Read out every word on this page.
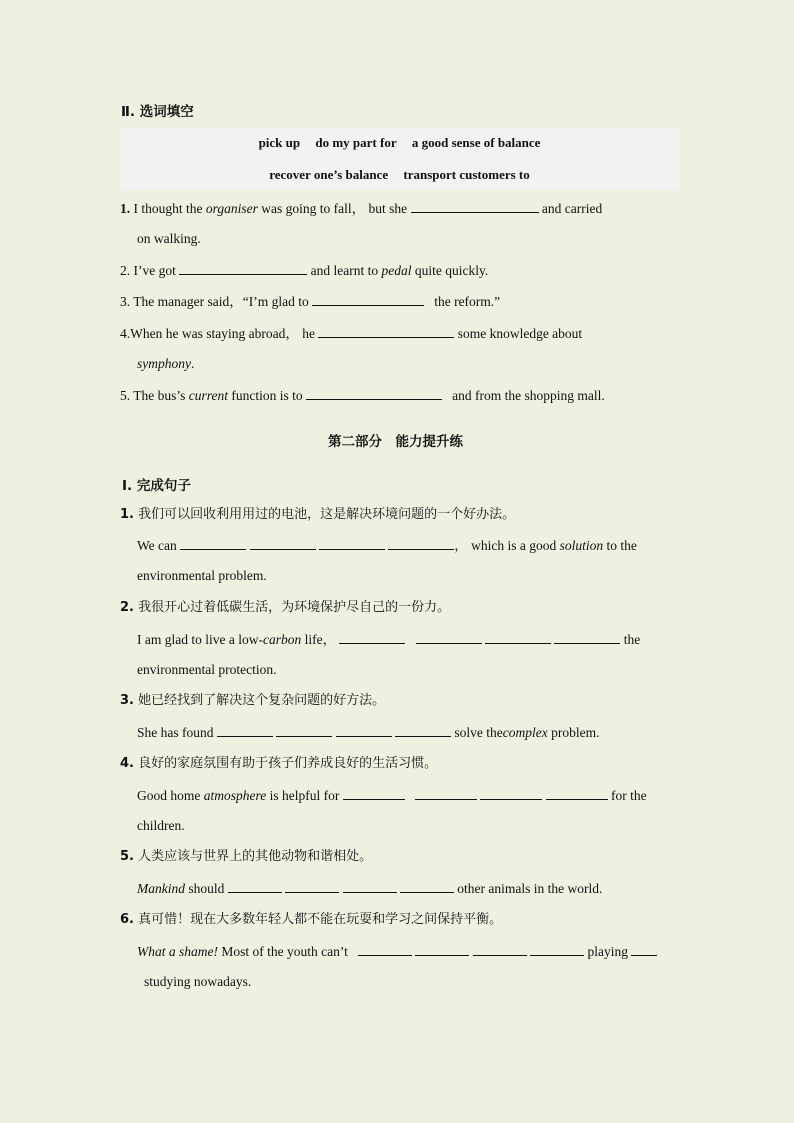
Ⅱ. 选词填空
pick up do my part for a good sense of balance
recover one’s balance transport customers to
1. I thought the organiser was going to fall， but she	and carried
on walking.
2. I’ve got	and learnt to pedal quite quickly.
3. The manager said，“I’m glad to	the reform.”
4.When he was staying abroad， he	some knowledge about
symphony.
5. The bus’s current function is to	and from the shopping mall.
第二部分　能力提升练
Ⅰ. 完成句子
1. 我们可以回收利用用过的电池，这是解决环境问题的一个好办法。
We can	， which is a good solution to the
environmental problem.
2. 我很开心过着低碳生活，为环境保护尽自己的一份力。
I am glad to live a low-carbon life，	the
environmental protection.
3. 她已经找到了解决这个复杂问题的好方法。
She has found	solve thecomplex problem.
4. 良好的家庭氛围有助于孩子们养成良好的生活习惯。
Good home atmosphere is helpful for	for the
children.
5. 人类应该与世界上的其他动物和谐相处。
Mankind should	other animals in the world.
6. 真可惜！现在大多数年轻人都不能在玩耍和学习之间保持平衡。
What a shame! Most of the youth can’t	playing
studying nowadays.
